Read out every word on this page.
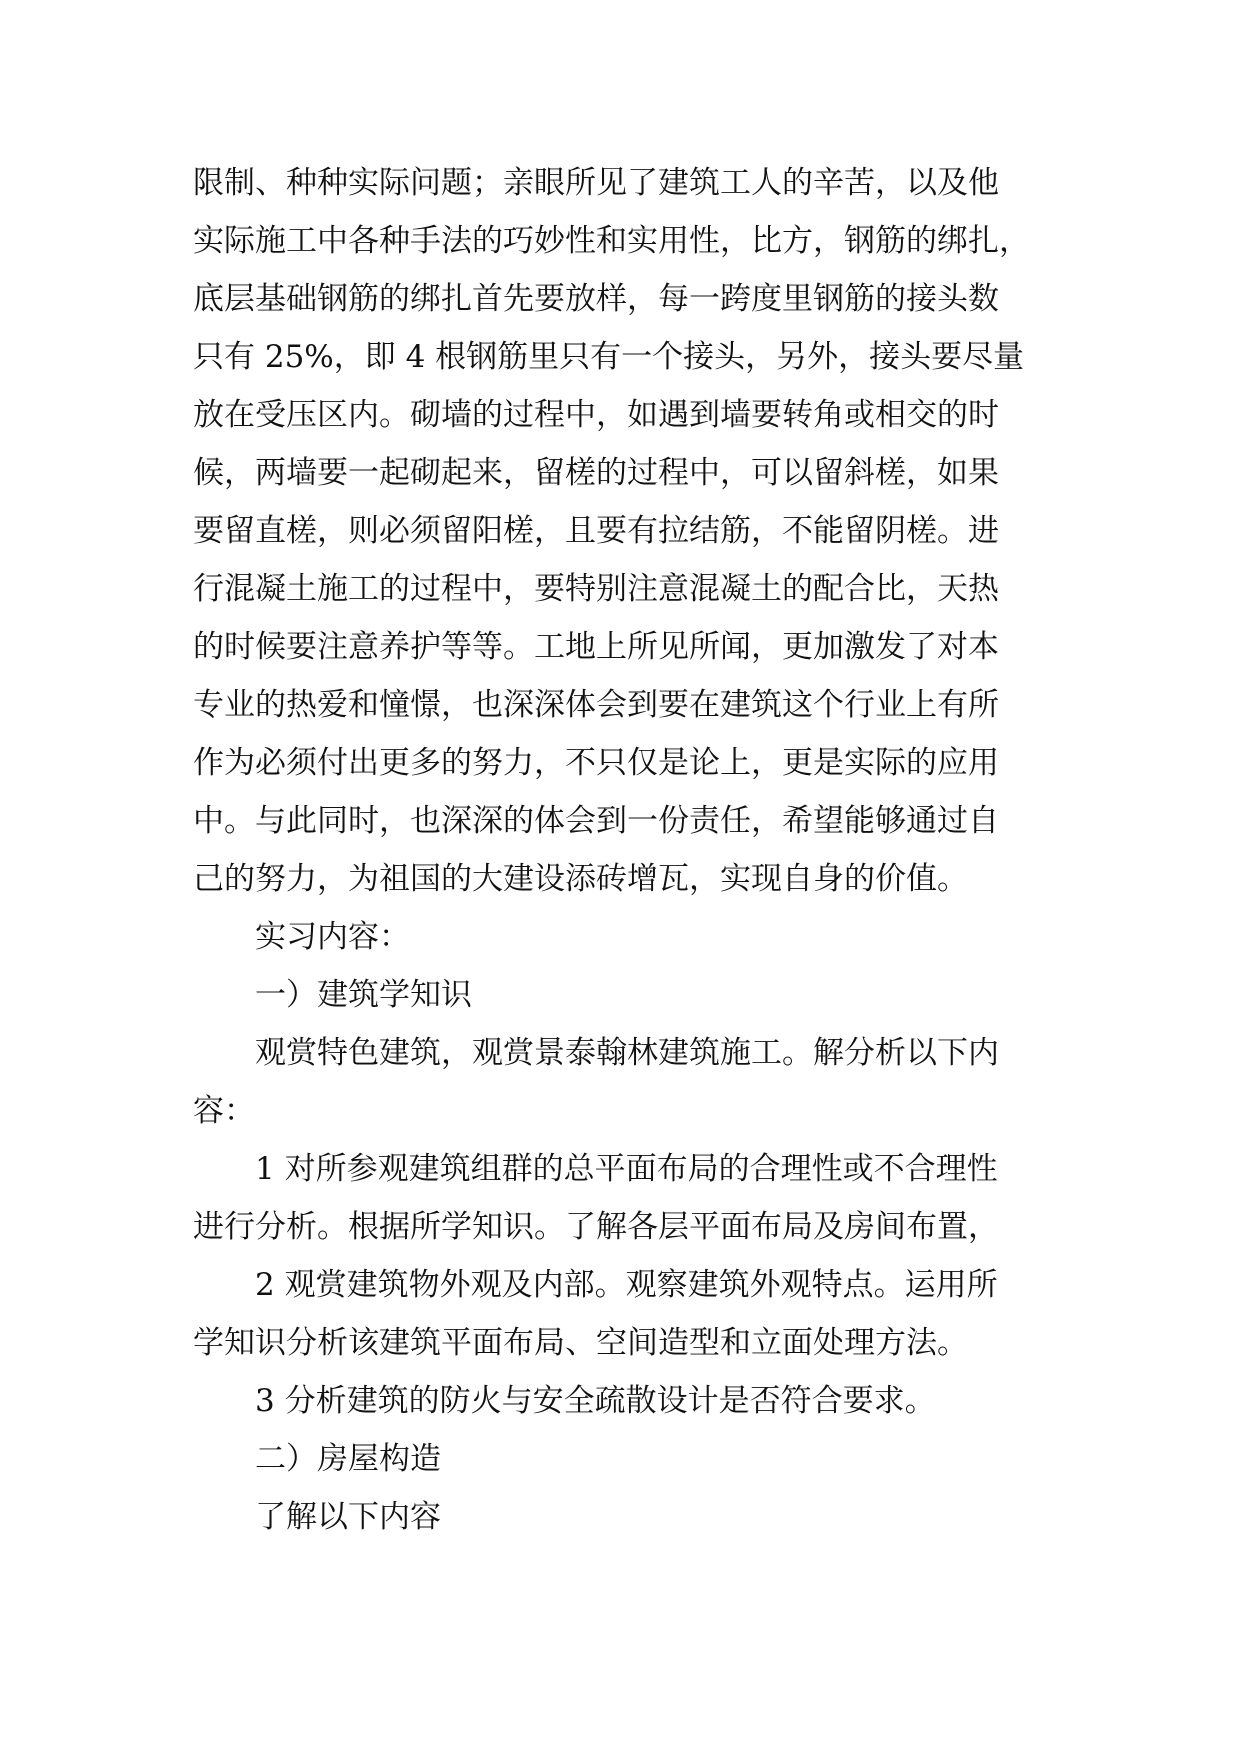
限制、种种实际问题；亲眼所见了建筑工人的辛苦，以及他

实际施工中各种手法的巧妙性和实用性，比方，钢筋的绑扎，

底层基础钢筋的绑扎首先要放样，每一跨度里钢筋的接头数

只有 25%，即 4 根钢筋里只有一个接头，另外，接头要尽量

放在受压区内。砌墙的过程中，如遇到墙要转角或相交的时

候，两墙要一起砌起来，留槎的过程中，可以留斜槎，如果

要留直槎，则必须留阳槎，且要有拉结筋，不能留阴槎。进

行混凝土施工的过程中，要特别注意混凝土的配合比，天热

的时候要注意养护等等。工地上所见所闻，更加激发了对本

专业的热爱和憧憬，也深深体会到要在建筑这个行业上有所

作为必须付出更多的努力，不只仅是论上，更是实际的应用

中。与此同时，也深深的体会到一份责任，希望能够通过自

己的努力，为祖国的大建设添砖增瓦，实现自身的价值。

实习内容：

一）建筑学知识

观赏特色建筑，观赏景泰翰林建筑施工。解分析以下内

容：

1 对所参观建筑组群的总平面布局的合理性或不合理性

进行分析。根据所学知识。了解各层平面布局及房间布置，

2 观赏建筑物外观及内部。观察建筑外观特点。运用所

学知识分析该建筑平面布局、空间造型和立面处理方法。

3 分析建筑的防火与安全疏散设计是否符合要求。

二）房屋构造

了解以下内容
